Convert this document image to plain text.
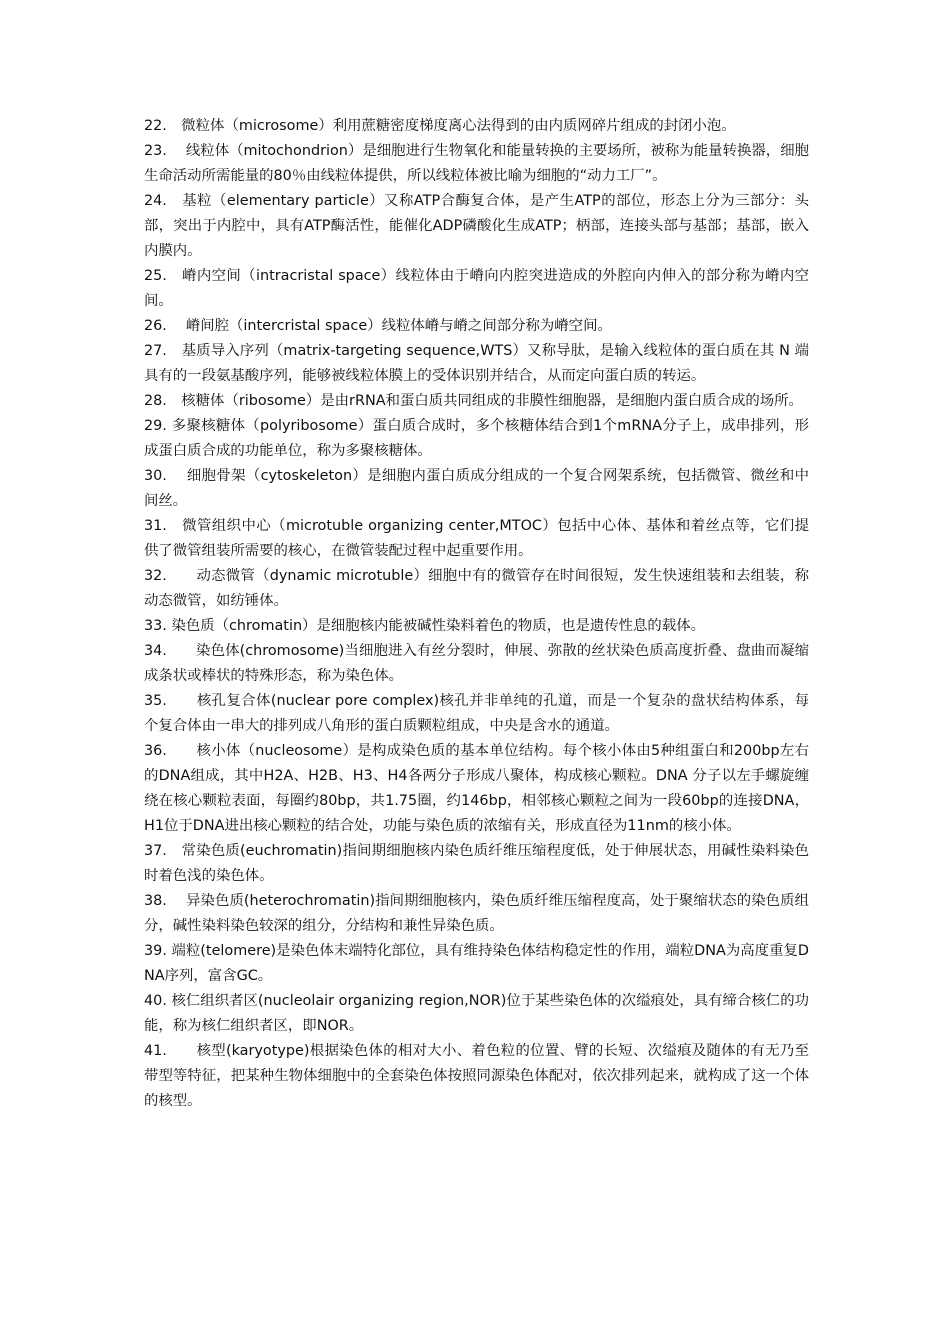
22.　微粒体（microsome）利用蔗糖密度梯度离心法得到的由内质网碎片组成的封闭小泡。

23.　 线粒体（mitochondrion）是细胞进行生物氧化和能量转换的主要场所，被称为能量转换器，细胞生命活动所需能量的80％由线粒体提供，所以线粒体被比喻为细胞的“动力工厂”。

24.　基粒（elementary particle）又称ATP合酶复合体，是产生ATP的部位，形态上分为三部分：头部，突出于内腔中，具有ATP酶活性，能催化ADP磷酸化生成ATP；柄部，连接头部与基部；基部，嵌入内膜内。

25.　嵴内空间（intracristal space）线粒体由于嵴向内腔突进造成的外腔向内伸入的部分称为嵴内空间。

26.　 嵴间腔（intercristal space）线粒体嵴与嵴之间部分称为嵴空间。

27.　基质导入序列（matrix-targeting sequence,WTS）又称导肽，是输入线粒体的蛋白质在其 N 端具有的一段氨基酸序列，能够被线粒体膜上的受体识别并结合，从而定向蛋白质的转运。

28.　核糖体（ribosome）是由rRNA和蛋白质共同组成的非膜性细胞器，是细胞内蛋白质合成的场所。

29. 多聚核糖体（polyribosome）蛋白质合成时，多个核糖体结合到1个mRNA分子上，成串排列，形成蛋白质合成的功能单位，称为多聚核糖体。

30.　 细胞骨架（cytoskeleton）是细胞内蛋白质成分组成的一个复合网架系统，包括微管、微丝和中间丝。

31.　微管组织中心（microtuble organizing center,MTOC）包括中心体、基体和着丝点等，它们提供了微管组装所需要的核心，在微管装配过程中起重要作用。

32.　　动态微管（dynamic microtuble）细胞中有的微管存在时间很短，发生快速组装和去组装，称动态微管，如纺锤体。

33. 染色质（chromatin）是细胞核内能被碱性染料着色的物质，也是遗传性息的载体。

34.　　染色体(chromosome)当细胞进入有丝分裂时，伸展、弥散的丝状染色质高度折叠、盘曲而凝缩成条状或棒状的特殊形态，称为染色体。

35.　　核孔复合体(nuclear pore complex)核孔并非单纯的孔道，而是一个复杂的盘状结构体系，每个复合体由一串大的排列成八角形的蛋白质颗粒组成，中央是含水的通道。

36.　　核小体（nucleosome）是构成染色质的基本单位结构。每个核小体由5种组蛋白和200bp左右的DNA组成，其中H2A、H2B、H3、H4各两分子形成八聚体，构成核心颗粒。DNA 分子以左手螺旋缠绕在核心颗粒表面，每圈约80bp，共1.75圈，约146bp，相邻核心颗粒之间为一段60bp的连接DNA，H1位于DNA进出核心颗粒的结合处，功能与染色质的浓缩有关，形成直径为11nm的核小体。

37.　常染色质(euchromatin)指间期细胞核内染色质纤维压缩程度低，处于伸展状态，用碱性染料染色时着色浅的染色体。

38.　 异染色质(heterochromatin)指间期细胞核内，染色质纤维压缩程度高，处于聚缩状态的染色质组分，碱性染料染色较深的组分，分结构和兼性异染色质。

39. 端粒(telomere)是染色体末端特化部位，具有维持染色体结构稳定性的作用，端粒DNA为高度重复DNA序列，富含GC。

40. 核仁组织者区(nucleolair organizing region,NOR)位于某些染色体的次缢痕处，具有缔合核仁的功能，称为核仁组织者区，即NOR。

41.　　核型(karyotype)根据染色体的相对大小、着色粒的位置、臂的长短、次缢痕及随体的有无乃至带型等特征，把某种生物体细胞中的全套染色体按照同源染色体配对，依次排列起来，就构成了这一个体的核型。
